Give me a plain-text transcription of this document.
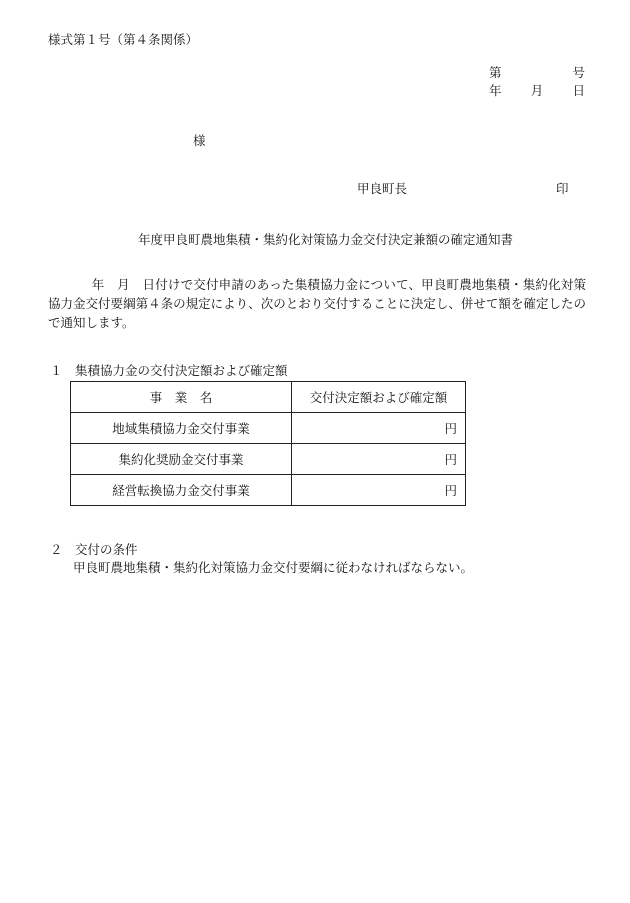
様式第１号（第４条関係）
第	号
年 月 日
様
甲良町長	印
年度甲良町農地集積・集約化対策協力金交付決定兼額の確定通知書
年　月　日付けで交付申請のあった集積協力金について、甲良町農地集積・集約化対策協力金交付要綱第４条の規定により、次のとおり交付することに決定し、併せて額を確定したので通知します。
１　集積協力金の交付決定額および確定額
事　業　名	交付決定額および確定額
地域集積協力金交付事業	円
集約化奨励金交付事業	円
経営転換協力金交付事業	円
２　交付の条件
甲良町農地集積・集約化対策協力金交付要綱に従わなければならない。
